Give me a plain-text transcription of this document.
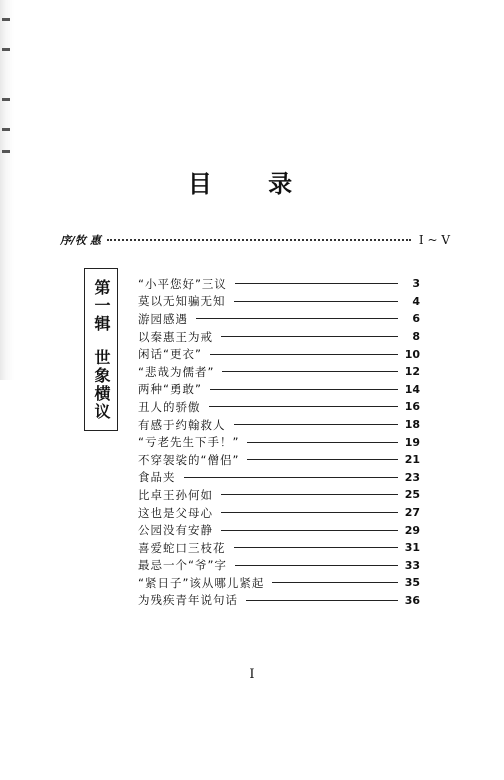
目 录
序/牧 惠	I ~ V
第一辑
世象横议
“小平您好”三议	3
莫以无知骗无知	4
游园感遇	6
以秦惠王为戒	8
闲话“更衣”	10
“悲哉为儒者”	12
两种“勇敢”	14
丑人的骄傲	16
有感于约翰救人	18
“亏老先生下手！”	19
不穿袈裟的“僧侣”	21
食品夹	23
比卓王孙何如	25
这也是父母心	27
公园没有安静	29
喜爱蛇口三枝花	31
最忌一个“爷”字	33
“紧日子”该从哪儿紧起	35
为残疾青年说句话	36
I
